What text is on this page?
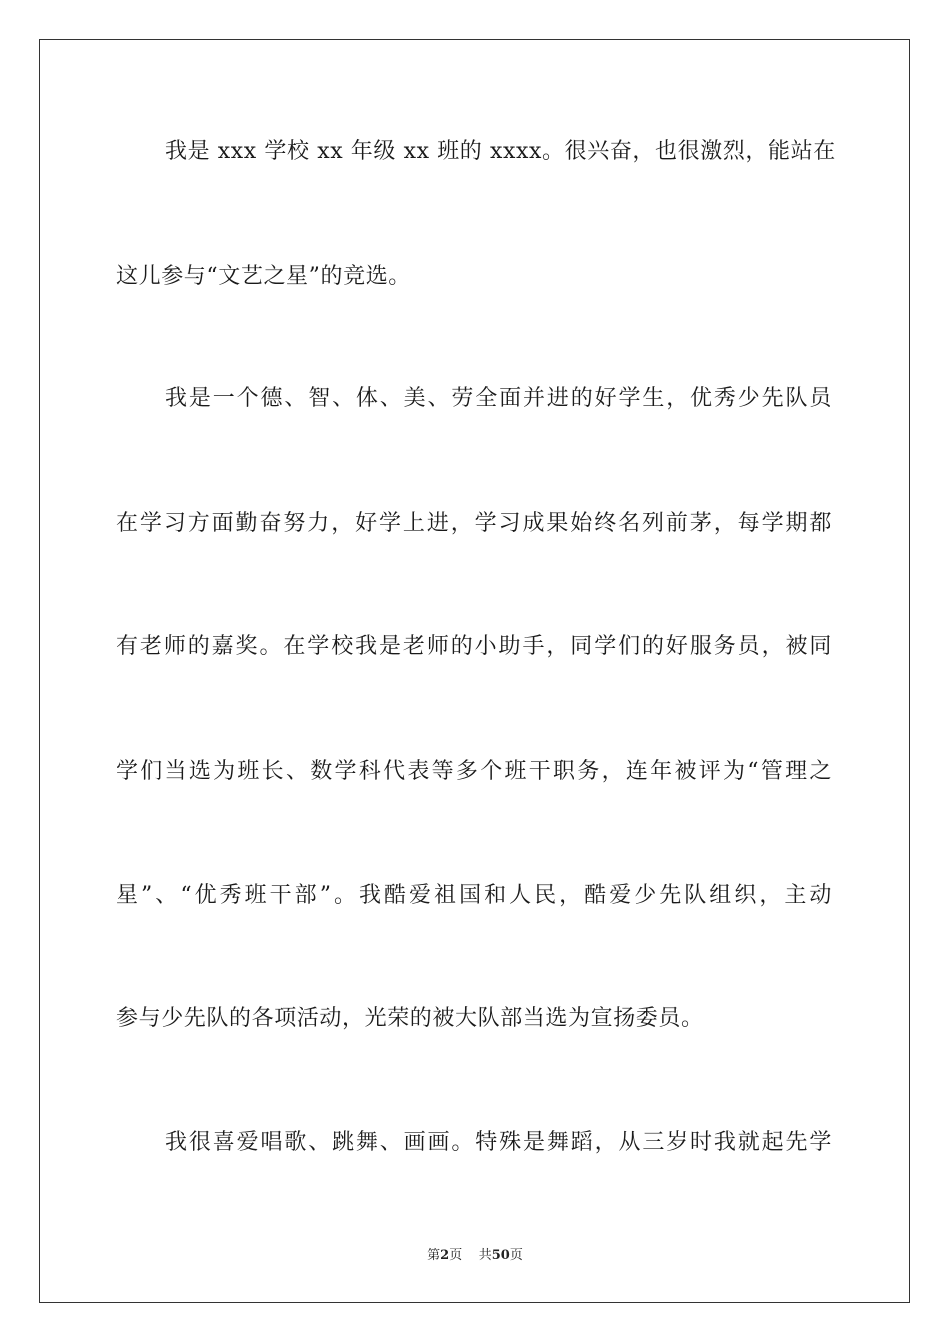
我是 xxx 学校 xx 年级 xx 班的 xxxx。很兴奋，也很激烈，能站在
这儿参与“文艺之星”的竞选。
我是一个德、智、体、美、劳全面并进的好学生，优秀少先队员
在学习方面勤奋努力，好学上进，学习成果始终名列前茅，每学期都
有老师的嘉奖。在学校我是老师的小助手，同学们的好服务员，被同
学们当选为班长、数学科代表等多个班干职务，连年被评为“管理之
星”、“优秀班干部”。我酷爱祖国和人民，酷爱少先队组织，主动
参与少先队的各项活动，光荣的被大队部当选为宣扬委员。
我很喜爱唱歌、跳舞、画画。特殊是舞蹈，从三岁时我就起先学
第2页 共50页
